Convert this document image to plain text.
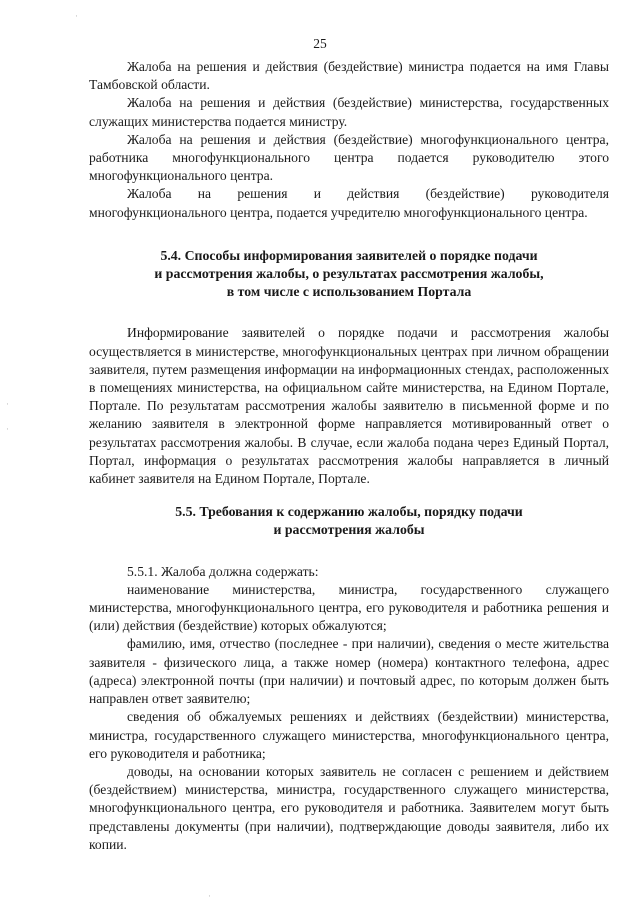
25

Жалоба на решения и действия (бездействие) министра подается на имя Главы Тамбовской области.

Жалоба на решения и действия (бездействие) министерства, государственных служащих министерства подается министру.

Жалоба на решения и действия (бездействие) многофункционального центра, работника многофункционального центра подается руководителю этого многофункционального центра.

Жалоба на решения и действия (бездействие) руководителя многофункционального центра, подается учредителю многофункционального центра.

5.4. Способы информирования заявителей о порядке подачи
и рассмотрения жалобы, о результатах рассмотрения жалобы,
в том числе с использованием Портала

Информирование заявителей о порядке подачи и рассмотрения жалобы осуществляется в министерстве, многофункциональных центрах при личном обращении заявителя, путем размещения информации на информационных стендах, расположенных в помещениях министерства, на официальном сайте министерства, на Едином Портале, Портале. По результатам рассмотрения жалобы заявителю в письменной форме и по желанию заявителя в электронной форме направляется мотивированный ответ о результатах рассмотрения жалобы. В случае, если жалоба подана через Единый Портал, Портал, информация о результатах рассмотрения жалобы направляется в личный кабинет заявителя на Едином Портале, Портале.

5.5. Требования к содержанию жалобы, порядку подачи
и рассмотрения жалобы

5.5.1. Жалоба должна содержать:

наименование министерства, министра, государственного служащего министерства, многофункционального центра, его руководителя и работника решения и (или) действия (бездействие) которых обжалуются;

фамилию, имя, отчество (последнее - при наличии), сведения о месте жительства заявителя - физического лица, а также номер (номера) контактного телефона, адрес (адреса) электронной почты (при наличии) и почтовый адрес, по которым должен быть направлен ответ заявителю;

сведения об обжалуемых решениях и действиях (бездействии) министерства, министра, государственного служащего министерства, многофункционального центра, его руководителя и работника;

доводы, на основании которых заявитель не согласен с решением и действием (бездействием) министерства, министра, государственного служащего министерства, многофункционального центра, его руководителя и работника. Заявителем могут быть представлены документы (при наличии), подтверждающие доводы заявителя, либо их копии.

·
·
·
·
